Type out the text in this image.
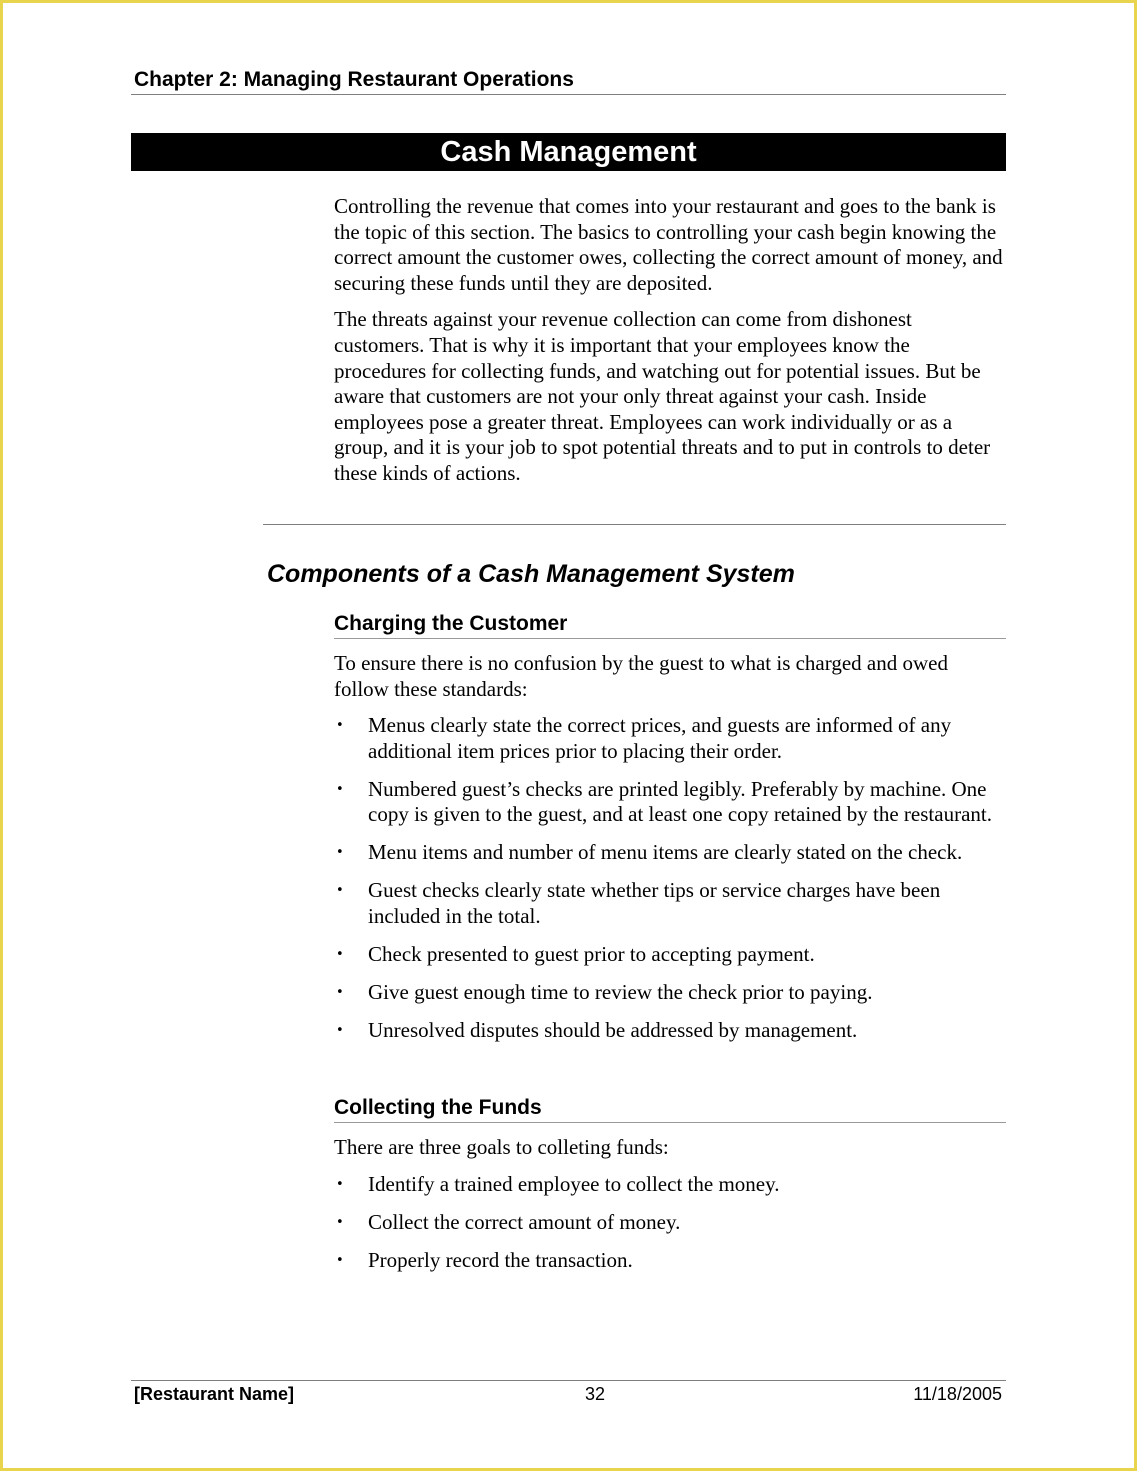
Chapter 2: Managing Restaurant Operations
Cash Management

Controlling the revenue that comes into your restaurant and goes to the bank is the topic of this section. The basics to controlling your cash begin knowing the correct amount the customer owes, collecting the correct amount of money, and securing these funds until they are deposited.

The threats against your revenue collection can come from dishonest customers. That is why it is important that your employees know the procedures for collecting funds, and watching out for potential issues. But be aware that customers are not your only threat against your cash. Inside employees pose a greater threat. Employees can work individually or as a group, and it is your job to spot potential threats and to put in controls to deter these kinds of actions.

Components of a Cash Management System
Charging the Customer

To ensure there is no confusion by the guest to what is charged and owed follow these standards:

• Menus clearly state the correct prices, and guests are informed of any additional item prices prior to placing their order.
• Numbered guest’s checks are printed legibly. Preferably by machine. One copy is given to the guest, and at least one copy retained by the restaurant.
• Menu items and number of menu items are clearly stated on the check.
• Guest checks clearly state whether tips or service charges have been included in the total.
• Check presented to guest prior to accepting payment.
• Give guest enough time to review the check prior to paying.
• Unresolved disputes should be addressed by management.
Collecting the Funds

There are three goals to colleting funds:

• Identify a trained employee to collect the money.
• Collect the correct amount of money.
• Properly record the transaction.
[Restaurant Name]	32	11/18/2005
